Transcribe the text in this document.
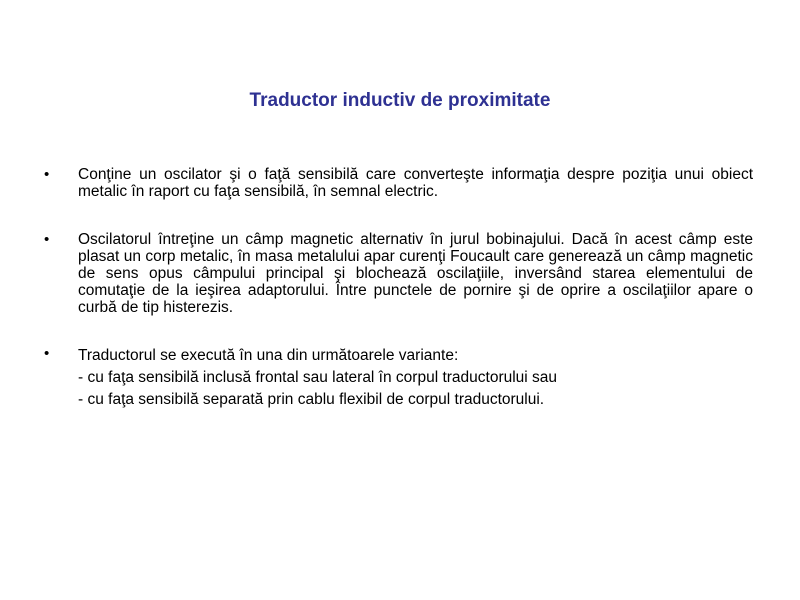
Traductor inductiv de proximitate
•	Conţine un oscilator şi o faţă sensibilă care converteşte informaţia despre poziţia unui obiect metalic în raport cu faţa sensibilă, în semnal electric.
•	Oscilatorul întreţine un câmp magnetic alternativ în jurul bobinajului. Dacă în acest câmp este plasat un corp metalic, în masa metalului apar curenţi Foucault care generează un câmp magnetic de sens opus câmpului principal şi blochează oscilaţiile, inversând starea elementului de comutaţie de la ieşirea adaptorului. Între punctele de pornire şi de oprire a oscilaţiilor apare o curbă de tip histerezis.
•	Traductorul se execută în una din următoarele variante:
- cu faţa sensibilă inclusă frontal sau lateral în corpul traductorului sau
- cu faţa sensibilă separată prin cablu flexibil de corpul traductorului.
